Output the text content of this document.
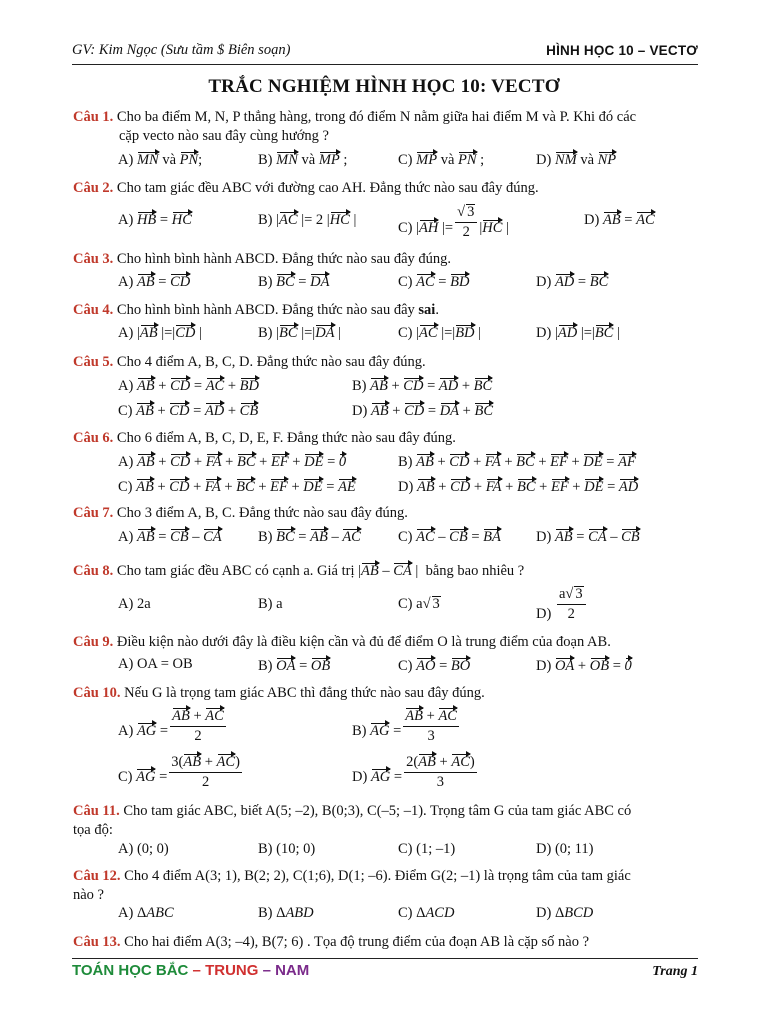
GV: Kim Ngọc (Sưu tầm $ Biên soạn)	HÌNH HỌC 10 – VECTƠ
TRẮC NGHIỆM HÌNH HỌC 10: VECTƠ
Câu 1. Cho ba điểm M, N, P thẳng hàng, trong đó điểm N nằm giữa hai điểm M và P. Khi đó các
cặp vecto nào sau đây cùng hướng ?
A) MN và PN;	B) MN và MP ;	C) MP và PN ;	D) NM và NP
Câu 2. Cho tam giác đều ABC với đường cao AH. Đẳng thức nào sau đây đúng.
A) HB = HC	B) |AC |= 2 |HC |	C) |AH |= $\frac{√ 3}{2} |HC$ |	D) AB = AC
Câu 3. Cho hình bình hành ABCD. Đẳng thức nào sau đây đúng.
A) AB = CD	B) BC = DA	C) AC = BD	D) AD = BC
Câu 4. Cho hình bình hành ABCD. Đẳng thức nào sau đây sai.
A) |AB |=|CD |	B) |BC |=|DA |	C) |AC |=|BD |	D) |AD |=|BC |
Câu 5. Cho 4 điểm A, B, C, D. Đẳng thức nào sau đây đúng.
A) AB + CD = AC + BD	B) AB + CD = AD + BC
C) AB + CD = AD + CB	D) AB + CD = DA + BC
Câu 6. Cho 6 điểm A, B, C, D, E, F. Đẳng thức nào sau đây đúng.
A) AB + CD + FA + BC + EF + DE = 0	B) AB + CD + FA + BC + EF + DE = AF
C) AB + CD + FA + BC + EF + DE = AE	D) AB + CD + FA + BC + EF + DE = AD
Câu 7. Cho 3 điểm A, B, C. Đẳng thức nào sau đây đúng.
A) AB = CB – CA	B) BC = AB – AC	C) AC – CB = BA D) AB = CA – CB
Câu 8. Cho tam giác đều ABC có cạnh a. Giá trị |AB – CA | bằng bao nhiêu ?
A) 2a	B) a	C) a√ 3
$D) \frac{a√ 3}{2}$
Câu 9. Điều kiện nào dưới đây là điều kiện cần và đủ để điểm O là trung điểm của đoạn AB.
A) OA = OB	B) OA = OB	C) AO = BO	D) OA + OB = 0
Câu 10. Nếu G là trọng tam giác ABC thì đẳng thức nào sau đây đúng.
A) AG = $\frac{AB + AC}{2}$	B) AG = $\frac{AB + AC}{3}$
C) AG = $\frac{3(AB + AC)}{2}$	D) AG = $\frac{2(AB + AC)}{3}$
Câu 11. Cho tam giác ABC, biết A(5; –2), B(0;3), C(–5; –1). Trọng tâm G của tam giác ABC có
tọa độ:
A) (0; 0)	B) (10; 0)	C) (1; –1)	D) (0; 11)
Câu 12. Cho 4 điểm A(3; 1), B(2; 2), C(1;6), D(1; –6). Điểm G(2; –1) là trọng tâm của tam giác
nào ?
A) ΔABC	B) ΔABD	C) ΔACD	D) ΔBCD
Câu 13. Cho hai điểm A(3; –4), B(7; 6) . Tọa độ trung điểm của đoạn AB là cặp số nào ?
TOÁN HỌC BẮC – TRUNG – NAM	Trang 1
